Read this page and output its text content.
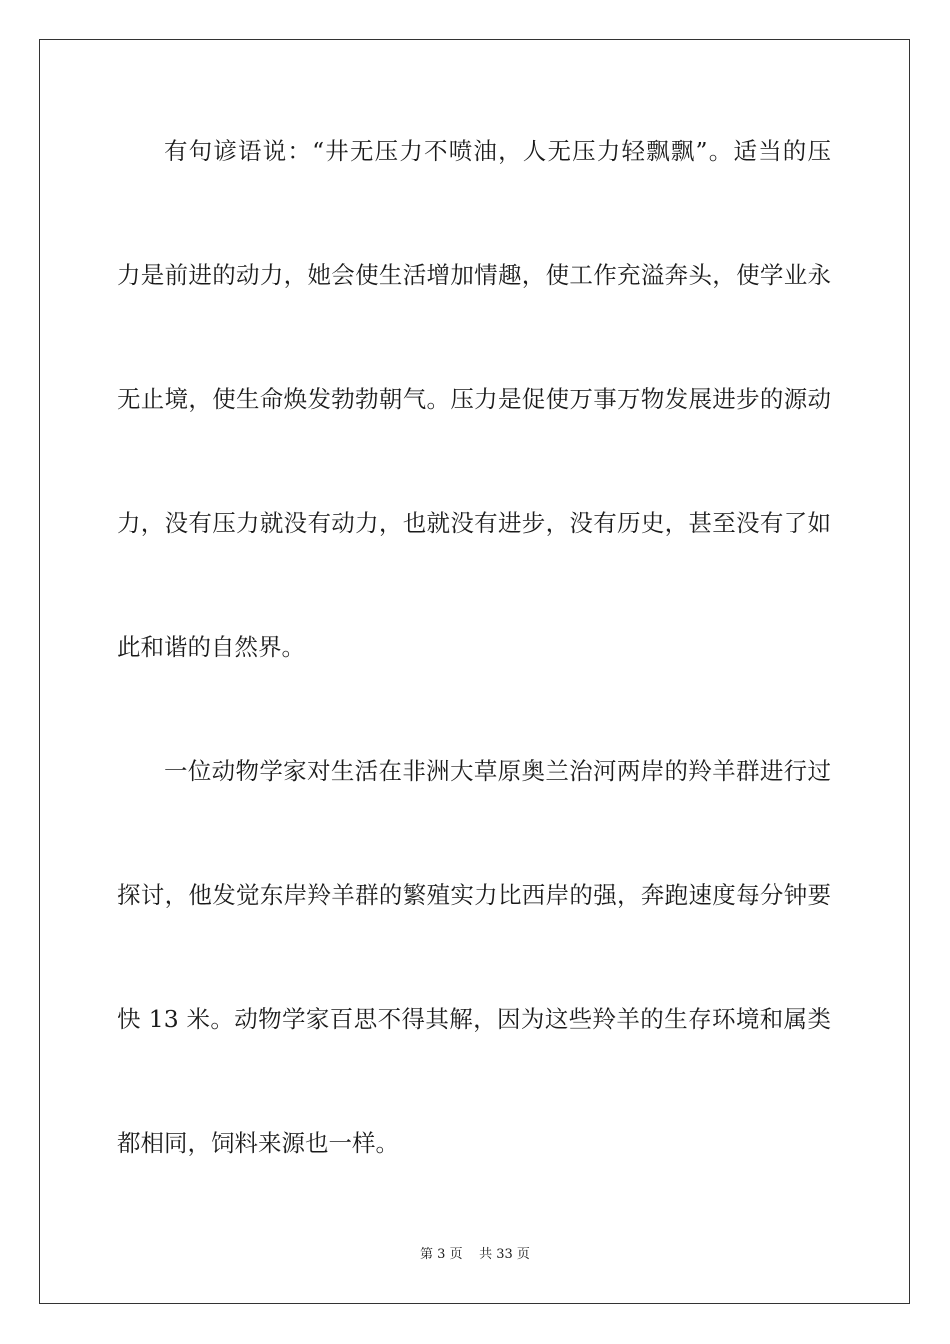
有句谚语说：“井无压力不喷油，人无压力轻飘飘”。适当的压

力是前进的动力，她会使生活增加情趣，使工作充溢奔头，使学业永

无止境，使生命焕发勃勃朝气。压力是促使万事万物发展进步的源动

力，没有压力就没有动力，也就没有进步，没有历史，甚至没有了如

此和谐的自然界。

一位动物学家对生活在非洲大草原奥兰治河两岸的羚羊群进行过

探讨，他发觉东岸羚羊群的繁殖实力比西岸的强，奔跑速度每分钟要

快 13 米。动物学家百思不得其解，因为这些羚羊的生存环境和属类

都相同，饲料来源也一样。

第 3 页 共 33 页
